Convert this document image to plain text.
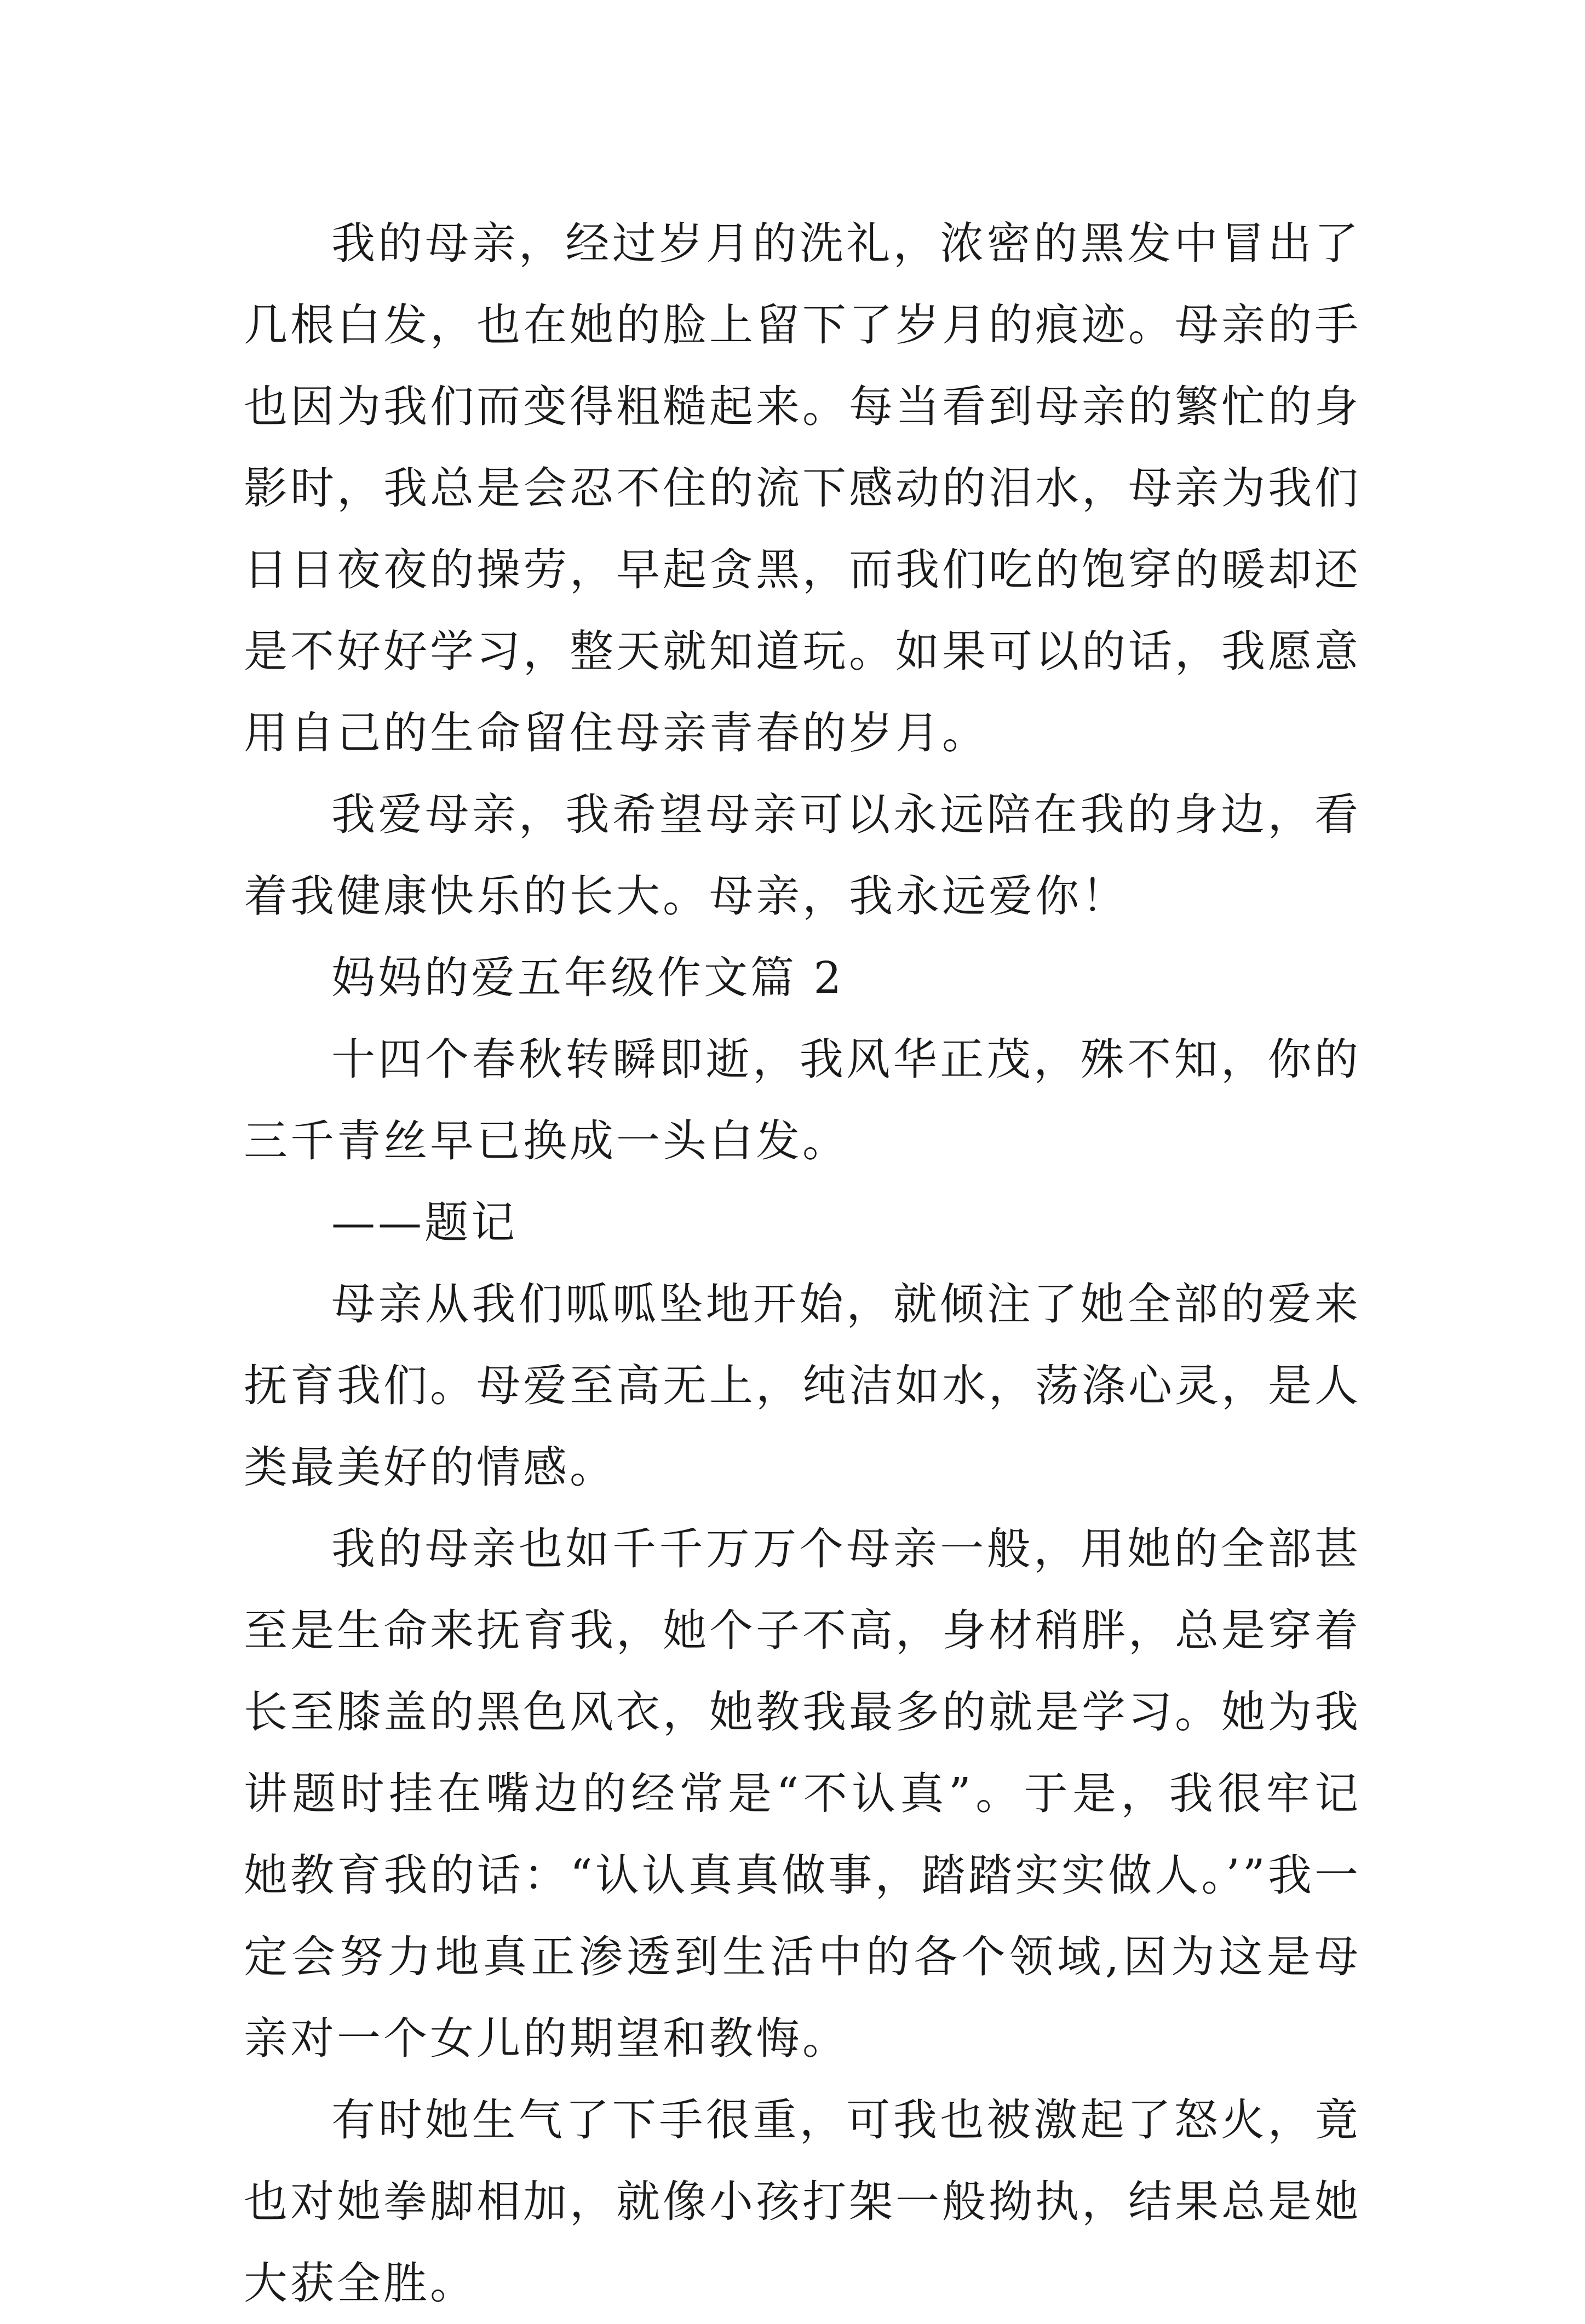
我的母亲，经过岁月的洗礼，浓密的黑发中冒出了几根白发，也在她的脸上留下了岁月的痕迹。母亲的手也因为我们而变得粗糙起来。每当看到母亲的繁忙的身影时，我总是会忍不住的流下感动的泪水，母亲为我们日日夜夜的操劳，早起贪黑，而我们吃的饱穿的暖却还是不好好学习，整天就知道玩。如果可以的话，我愿意用自己的生命留住母亲青春的岁月。

我爱母亲，我希望母亲可以永远陪在我的身边，看着我健康快乐的长大。母亲，我永远爱你！

妈妈的爱五年级作文篇 2

十四个春秋转瞬即逝，我风华正茂，殊不知，你的三千青丝早已换成一头白发。

——题记

母亲从我们呱呱坠地开始，就倾注了她全部的爱来抚育我们。母爱至高无上，纯洁如水，荡涤心灵，是人类最美好的情感。

我的母亲也如千千万万个母亲一般，用她的全部甚至是生命来抚育我，她个子不高，身材稍胖，总是穿着长至膝盖的黑色风衣，她教我最多的就是学习。她为我讲题时挂在嘴边的经常是“不认真”。于是，我很牢记她教育我的话：“认认真真做事，踏踏实实做人。’”我一定会努力地真正渗透到生活中的各个领域,因为这是母亲对一个女儿的期望和教悔。

有时她生气了下手很重，可我也被激起了怒火，竟也对她拳脚相加，就像小孩打架一般拗执，结果总是她大获全胜。
